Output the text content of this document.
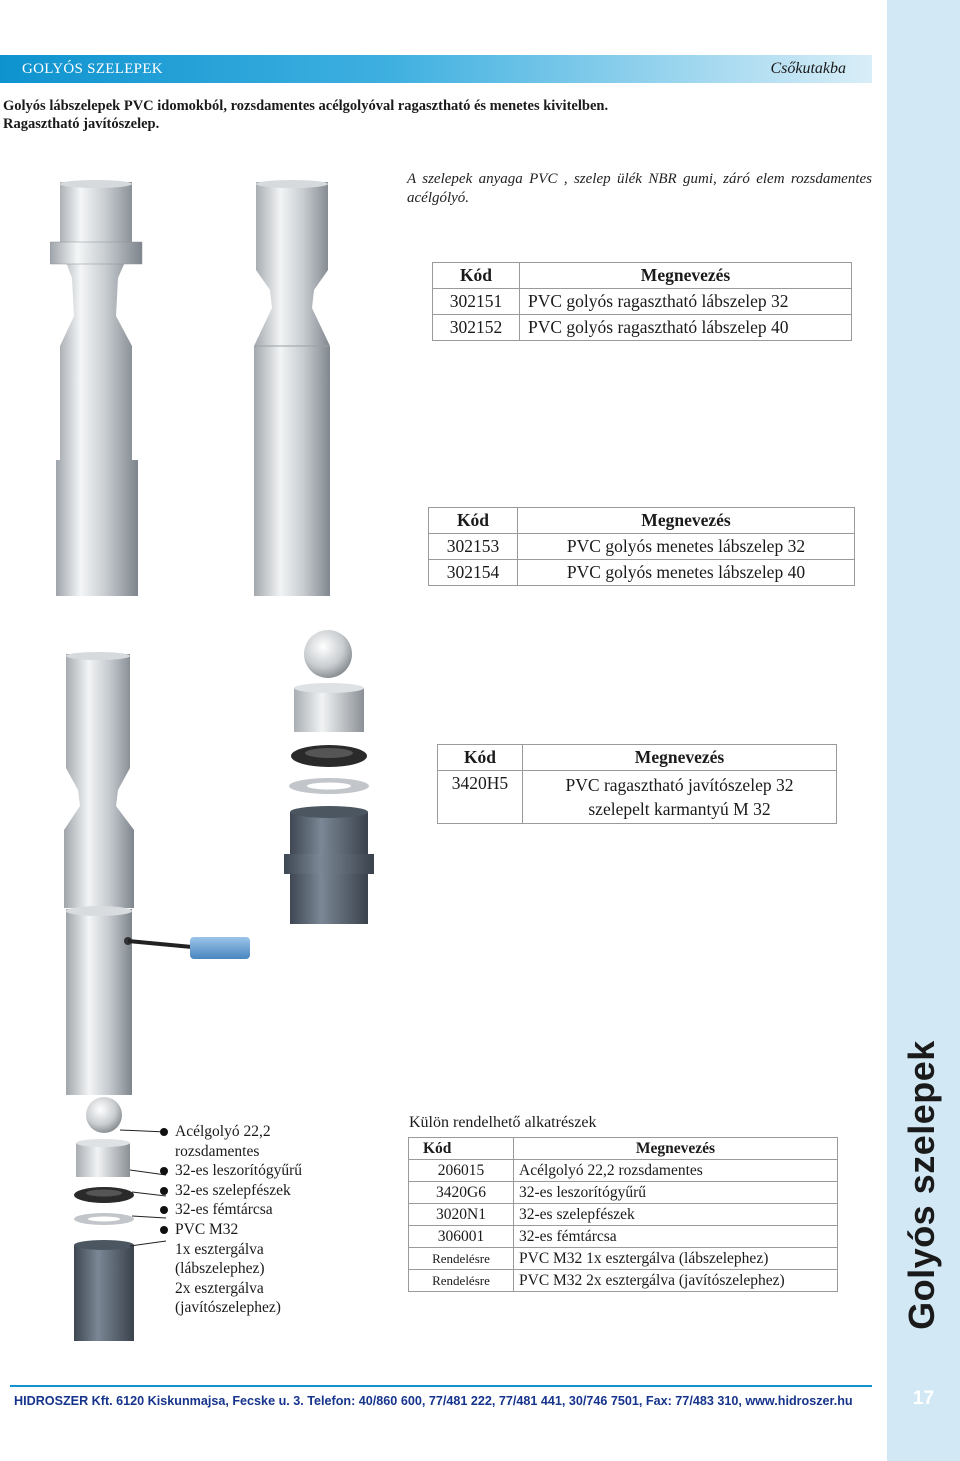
Golyós szelepek
17
GOLYÓS SZELEPEK	Csőkutakba
Golyós lábszelepek PVC idomokból, rozsdamentes acélgolyóval ragasztható és menetes kivitelben.
Ragasztható javítószelep.
A szelepek anyaga PVC , szelep ülék NBR gumi, záró elem rozsdamentes acélgólyó.
Kód	Megnevezés
302151	PVC golyós ragasztható lábszelep 32
302152	PVC golyós ragasztható lábszelep 40
Kód	Megnevezés
302153	PVC golyós menetes lábszelep 32
302154	PVC golyós menetes lábszelep 40
Kód	Megnevezés
3420H5	PVC ragasztható javítószelep 32
szelepelt karmantyú M 32
Acélgolyó 22,2
rozsdamentes
32-es leszorítógyűrű
32-es szelepfészek
32-es fémtárcsa
PVC M32
1x esztergálva
(lábszelephez)
2x esztergálva
(javítószelephez)
Külön rendelhető alkatrészek
Kód	Megnevezés
206015	Acélgolyó 22,2 rozsdamentes
3420G6	32-es leszorítógyűrű
3020N1	32-es szelepfészek
306001	32-es fémtárcsa
Rendelésre	PVC M32 1x esztergálva (lábszelephez)
Rendelésre	PVC M32 2x esztergálva (javítószelephez)
HIDROSZER Kft. 6120 Kiskunmajsa, Fecske u. 3. Telefon: 40/860 600, 77/481 222, 77/481 441, 30/746 7501, Fax: 77/483 310, www.hidroszer.hu
